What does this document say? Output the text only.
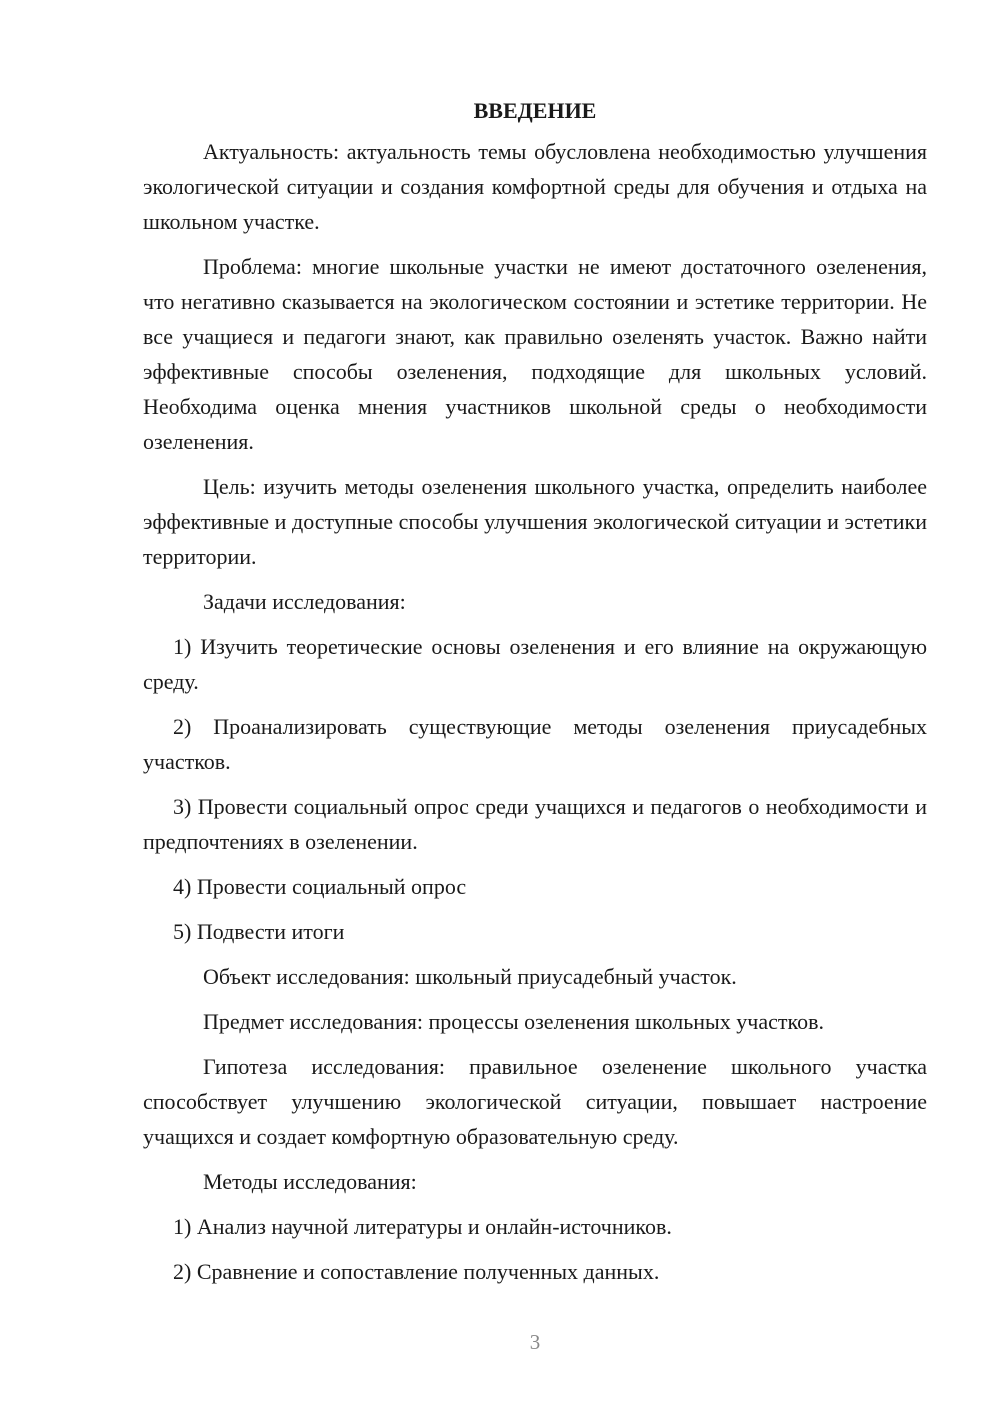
ВВЕДЕНИЕ

Актуальность: актуальность темы обусловлена необходимостью улучшения экологической ситуации и создания комфортной среды для обучения и отдыха на школьном участке.

Проблема: многие школьные участки не имеют достаточного озеленения, что негативно сказывается на экологическом состоянии и эстетике территории. Не все учащиеся и педагоги знают, как правильно озеленять участок. Важно найти эффективные способы озеленения, подходящие для школьных условий. Необходима оценка мнения участников школьной среды о необходимости озеленения.

Цель: изучить методы озеленения школьного участка, определить наиболее эффективные и доступные способы улучшения экологической ситуации и эстетики территории.

Задачи исследования:

1) Изучить теоретические основы озеленения и его влияние на окружающую среду.

2) Проанализировать существующие методы озеленения приусадебных участков.

3) Провести социальный опрос среди учащихся и педагогов о необходимости и предпочтениях в озеленении.

4) Провести социальный опрос

5) Подвести итоги

Объект исследования: школьный приусадебный участок.

Предмет исследования: процессы озеленения школьных участков.

Гипотеза исследования: правильное озеленение школьного участка способствует улучшению экологической ситуации, повышает настроение учащихся и создает комфортную образовательную среду.

Методы исследования:

1) Анализ научной литературы и онлайн-источников.

2) Сравнение и сопоставление полученных данных.

3
